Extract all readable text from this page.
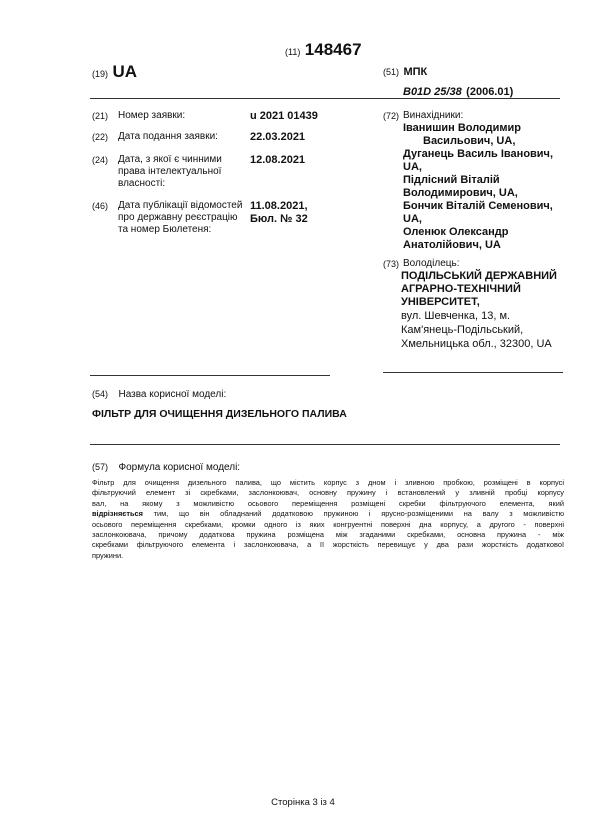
(11) 148467
(19) UA	(51) МПК
B01D 25/38 (2006.01)
(21) Номер заявки:	u 2021 01439
(22) Дата подання заявки:	22.03.2021
(24) Дата, з якої є чинними права інтелектуальної власності:
12.08.2021
(46) Дата публікації відомостей про державну реєстрацію та номер Бюлетеня:
11.08.2021, Бюл. № 32
(72) Винахідники:
Іванишин Володимир
Васильович, UA,
Дуганець Василь Іванович,
UA,
Підлісний Віталій
Володимирович, UA,
Бончик Віталій Семенович,
UA,
Оленюк Олександр
Анатолійович, UA
(73) Володілець:
ПОДІЛЬСЬКИЙ ДЕРЖАВНИЙ
АГРАРНО-ТЕХНІЧНИЙ
УНІВЕРСИТЕТ,
вул. Шевченка, 13, м.
Кам'янець-Подільський,
Хмельницька обл., 32300, UA
(54) Назва корисної моделі:
ФІЛЬТР ДЛЯ ОЧИЩЕННЯ ДИЗЕЛЬНОГО ПАЛИВА
(57) Формула корисної моделі:
Фільтр для очищення дизельного палива, що містить корпус з дном і зливною пробкою, розміщені в корпусі
фільтруючий елемент зі скребками, заслонкоювач, основну пружину і встановлений у зливній пробці корпусу
вал, на якому з можливістю осьового переміщення розміщені скребки фільтруючого елемента, який
відрізняється тим, що він обладнаний додатковою пружиною і ярусно-розміщеними на валу з можливістю
осьового переміщення скребками, кромки одного із яких конгруентні поверхні дна корпусу, а другого - поверхні
заслонкоювача, причому додаткова пружина розміщена між згаданими скребками, основна пружина - між
скребками фільтруючого елемента і заслонкоювача, а її жорсткість перевищує у два рази жорсткість додаткової
пружини.
Сторінка 3 із 4
